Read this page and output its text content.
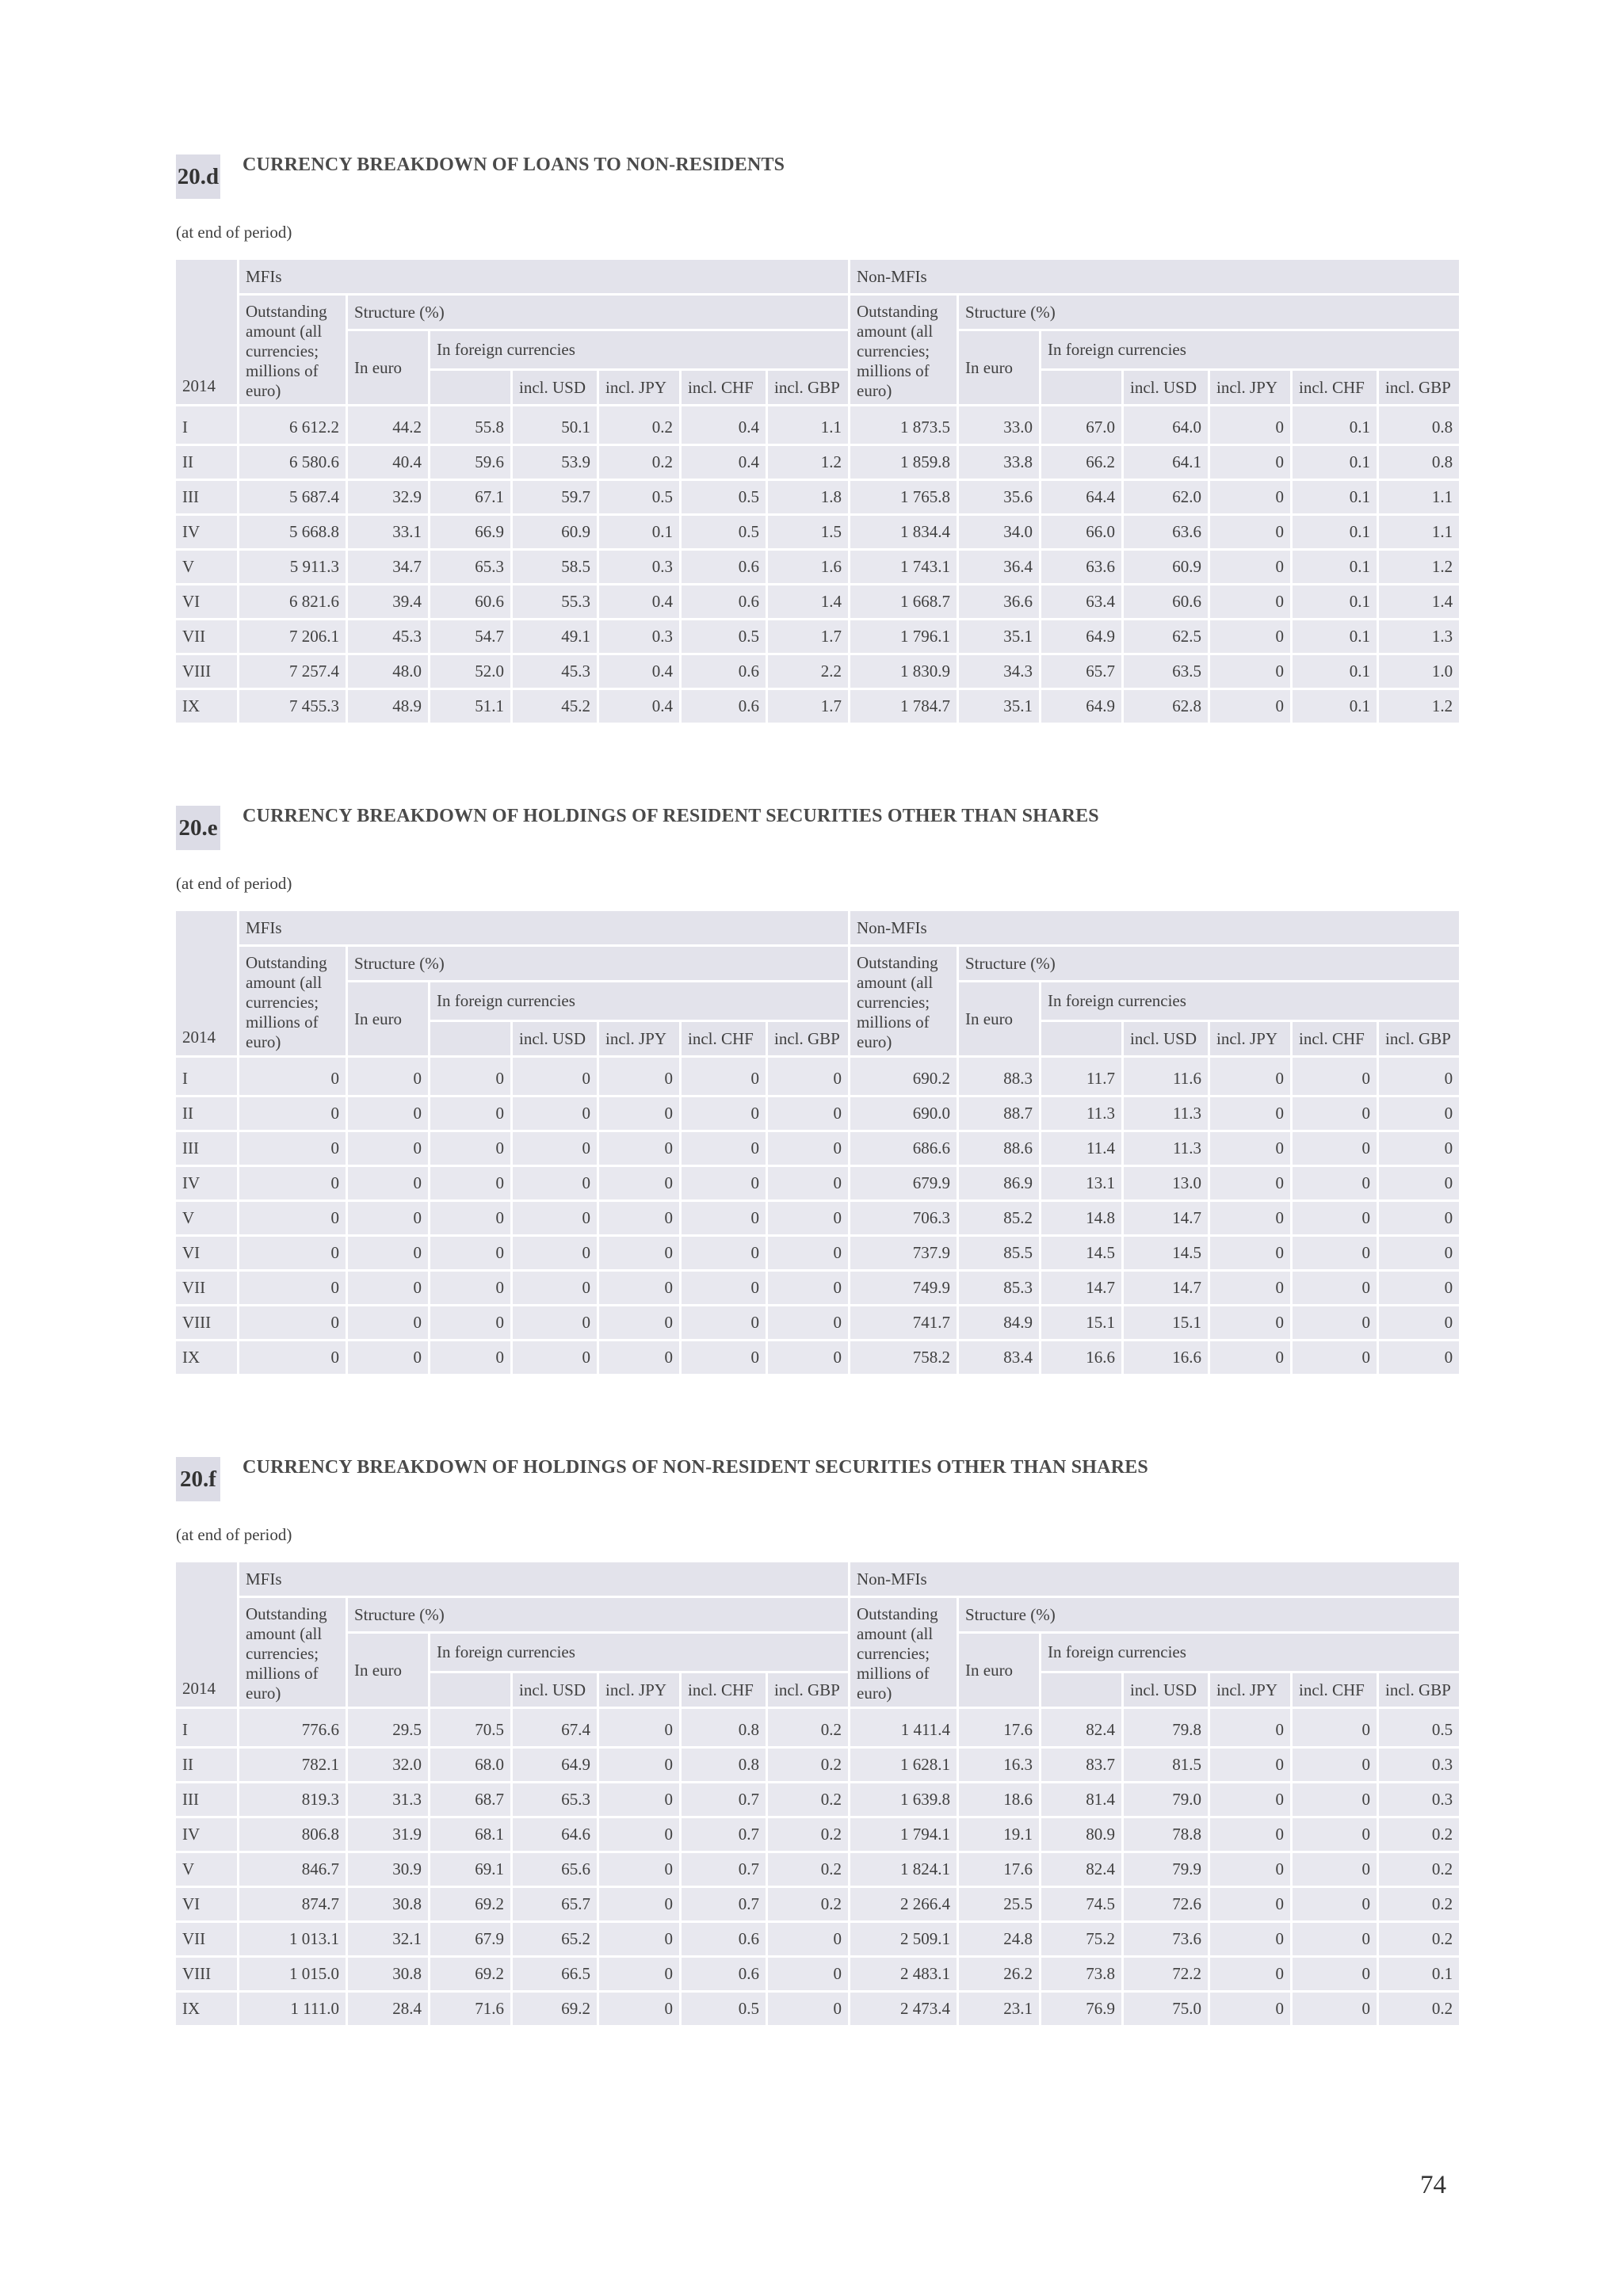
20.d CURRENCY BREAKDOWN OF LOANS TO NON-RESIDENTS
(at end of period)
2014	MFIs							Non-MFIs						
	Outstanding amount (all currencies; millions of euro)	Structure (%)						Outstanding amount (all currencies; millions of euro)	Structure (%)					
		In euro	In foreign currencies						In euro	In foreign currencies				
				incl. USD	incl. JPY	incl. CHF	incl. GBP				incl. USD	incl. JPY	incl. CHF	incl. GBP
I	6 612.2	44.2	55.8	50.1	0.2	0.4	1.1	1 873.5	33.0	67.0	64.0	0	0.1	0.8
II	6 580.6	40.4	59.6	53.9	0.2	0.4	1.2	1 859.8	33.8	66.2	64.1	0	0.1	0.8
III	5 687.4	32.9	67.1	59.7	0.5	0.5	1.8	1 765.8	35.6	64.4	62.0	0	0.1	1.1
IV	5 668.8	33.1	66.9	60.9	0.1	0.5	1.5	1 834.4	34.0	66.0	63.6	0	0.1	1.1
V	5 911.3	34.7	65.3	58.5	0.3	0.6	1.6	1 743.1	36.4	63.6	60.9	0	0.1	1.2
VI	6 821.6	39.4	60.6	55.3	0.4	0.6	1.4	1 668.7	36.6	63.4	60.6	0	0.1	1.4
VII	7 206.1	45.3	54.7	49.1	0.3	0.5	1.7	1 796.1	35.1	64.9	62.5	0	0.1	1.3
VIII	7 257.4	48.0	52.0	45.3	0.4	0.6	2.2	1 830.9	34.3	65.7	63.5	0	0.1	1.0
IX	7 455.3	48.9	51.1	45.2	0.4	0.6	1.7	1 784.7	35.1	64.9	62.8	0	0.1	1.2
20.e CURRENCY BREAKDOWN OF HOLDINGS OF RESIDENT SECURITIES OTHER THAN SHARES
(at end of period)
2014	MFIs							Non-MFIs						
	Outstanding amount (all currencies; millions of euro)	Structure (%)						Outstanding amount (all currencies; millions of euro)	Structure (%)					
		In euro	In foreign currencies						In euro	In foreign currencies				
				incl. USD	incl. JPY	incl. CHF	incl. GBP				incl. USD	incl. JPY	incl. CHF	incl. GBP
I	0	0	0	0	0	0	0	690.2	88.3	11.7	11.6	0	0	0
II	0	0	0	0	0	0	0	690.0	88.7	11.3	11.3	0	0	0
III	0	0	0	0	0	0	0	686.6	88.6	11.4	11.3	0	0	0
IV	0	0	0	0	0	0	0	679.9	86.9	13.1	13.0	0	0	0
V	0	0	0	0	0	0	0	706.3	85.2	14.8	14.7	0	0	0
VI	0	0	0	0	0	0	0	737.9	85.5	14.5	14.5	0	0	0
VII	0	0	0	0	0	0	0	749.9	85.3	14.7	14.7	0	0	0
VIII	0	0	0	0	0	0	0	741.7	84.9	15.1	15.1	0	0	0
IX	0	0	0	0	0	0	0	758.2	83.4	16.6	16.6	0	0	0
20.f CURRENCY BREAKDOWN OF HOLDINGS OF NON-RESIDENT SECURITIES OTHER THAN SHARES
(at end of period)
2014	MFIs							Non-MFIs						
	Outstanding amount (all currencies; millions of euro)	Structure (%)						Outstanding amount (all currencies; millions of euro)	Structure (%)					
		In euro	In foreign currencies						In euro	In foreign currencies				
				incl. USD	incl. JPY	incl. CHF	incl. GBP				incl. USD	incl. JPY	incl. CHF	incl. GBP
I	776.6	29.5	70.5	67.4	0	0.8	0.2	1 411.4	17.6	82.4	79.8	0	0	0.5
II	782.1	32.0	68.0	64.9	0	0.8	0.2	1 628.1	16.3	83.7	81.5	0	0	0.3
III	819.3	31.3	68.7	65.3	0	0.7	0.2	1 639.8	18.6	81.4	79.0	0	0	0.3
IV	806.8	31.9	68.1	64.6	0	0.7	0.2	1 794.1	19.1	80.9	78.8	0	0	0.2
V	846.7	30.9	69.1	65.6	0	0.7	0.2	1 824.1	17.6	82.4	79.9	0	0	0.2
VI	874.7	30.8	69.2	65.7	0	0.7	0.2	2 266.4	25.5	74.5	72.6	0	0	0.2
VII	1 013.1	32.1	67.9	65.2	0	0.6	0	2 509.1	24.8	75.2	73.6	0	0	0.2
VIII	1 015.0	30.8	69.2	66.5	0	0.6	0	2 483.1	26.2	73.8	72.2	0	0	0.1
IX	1 111.0	28.4	71.6	69.2	0	0.5	0	2 473.4	23.1	76.9	75.0	0	0	0.2
74
